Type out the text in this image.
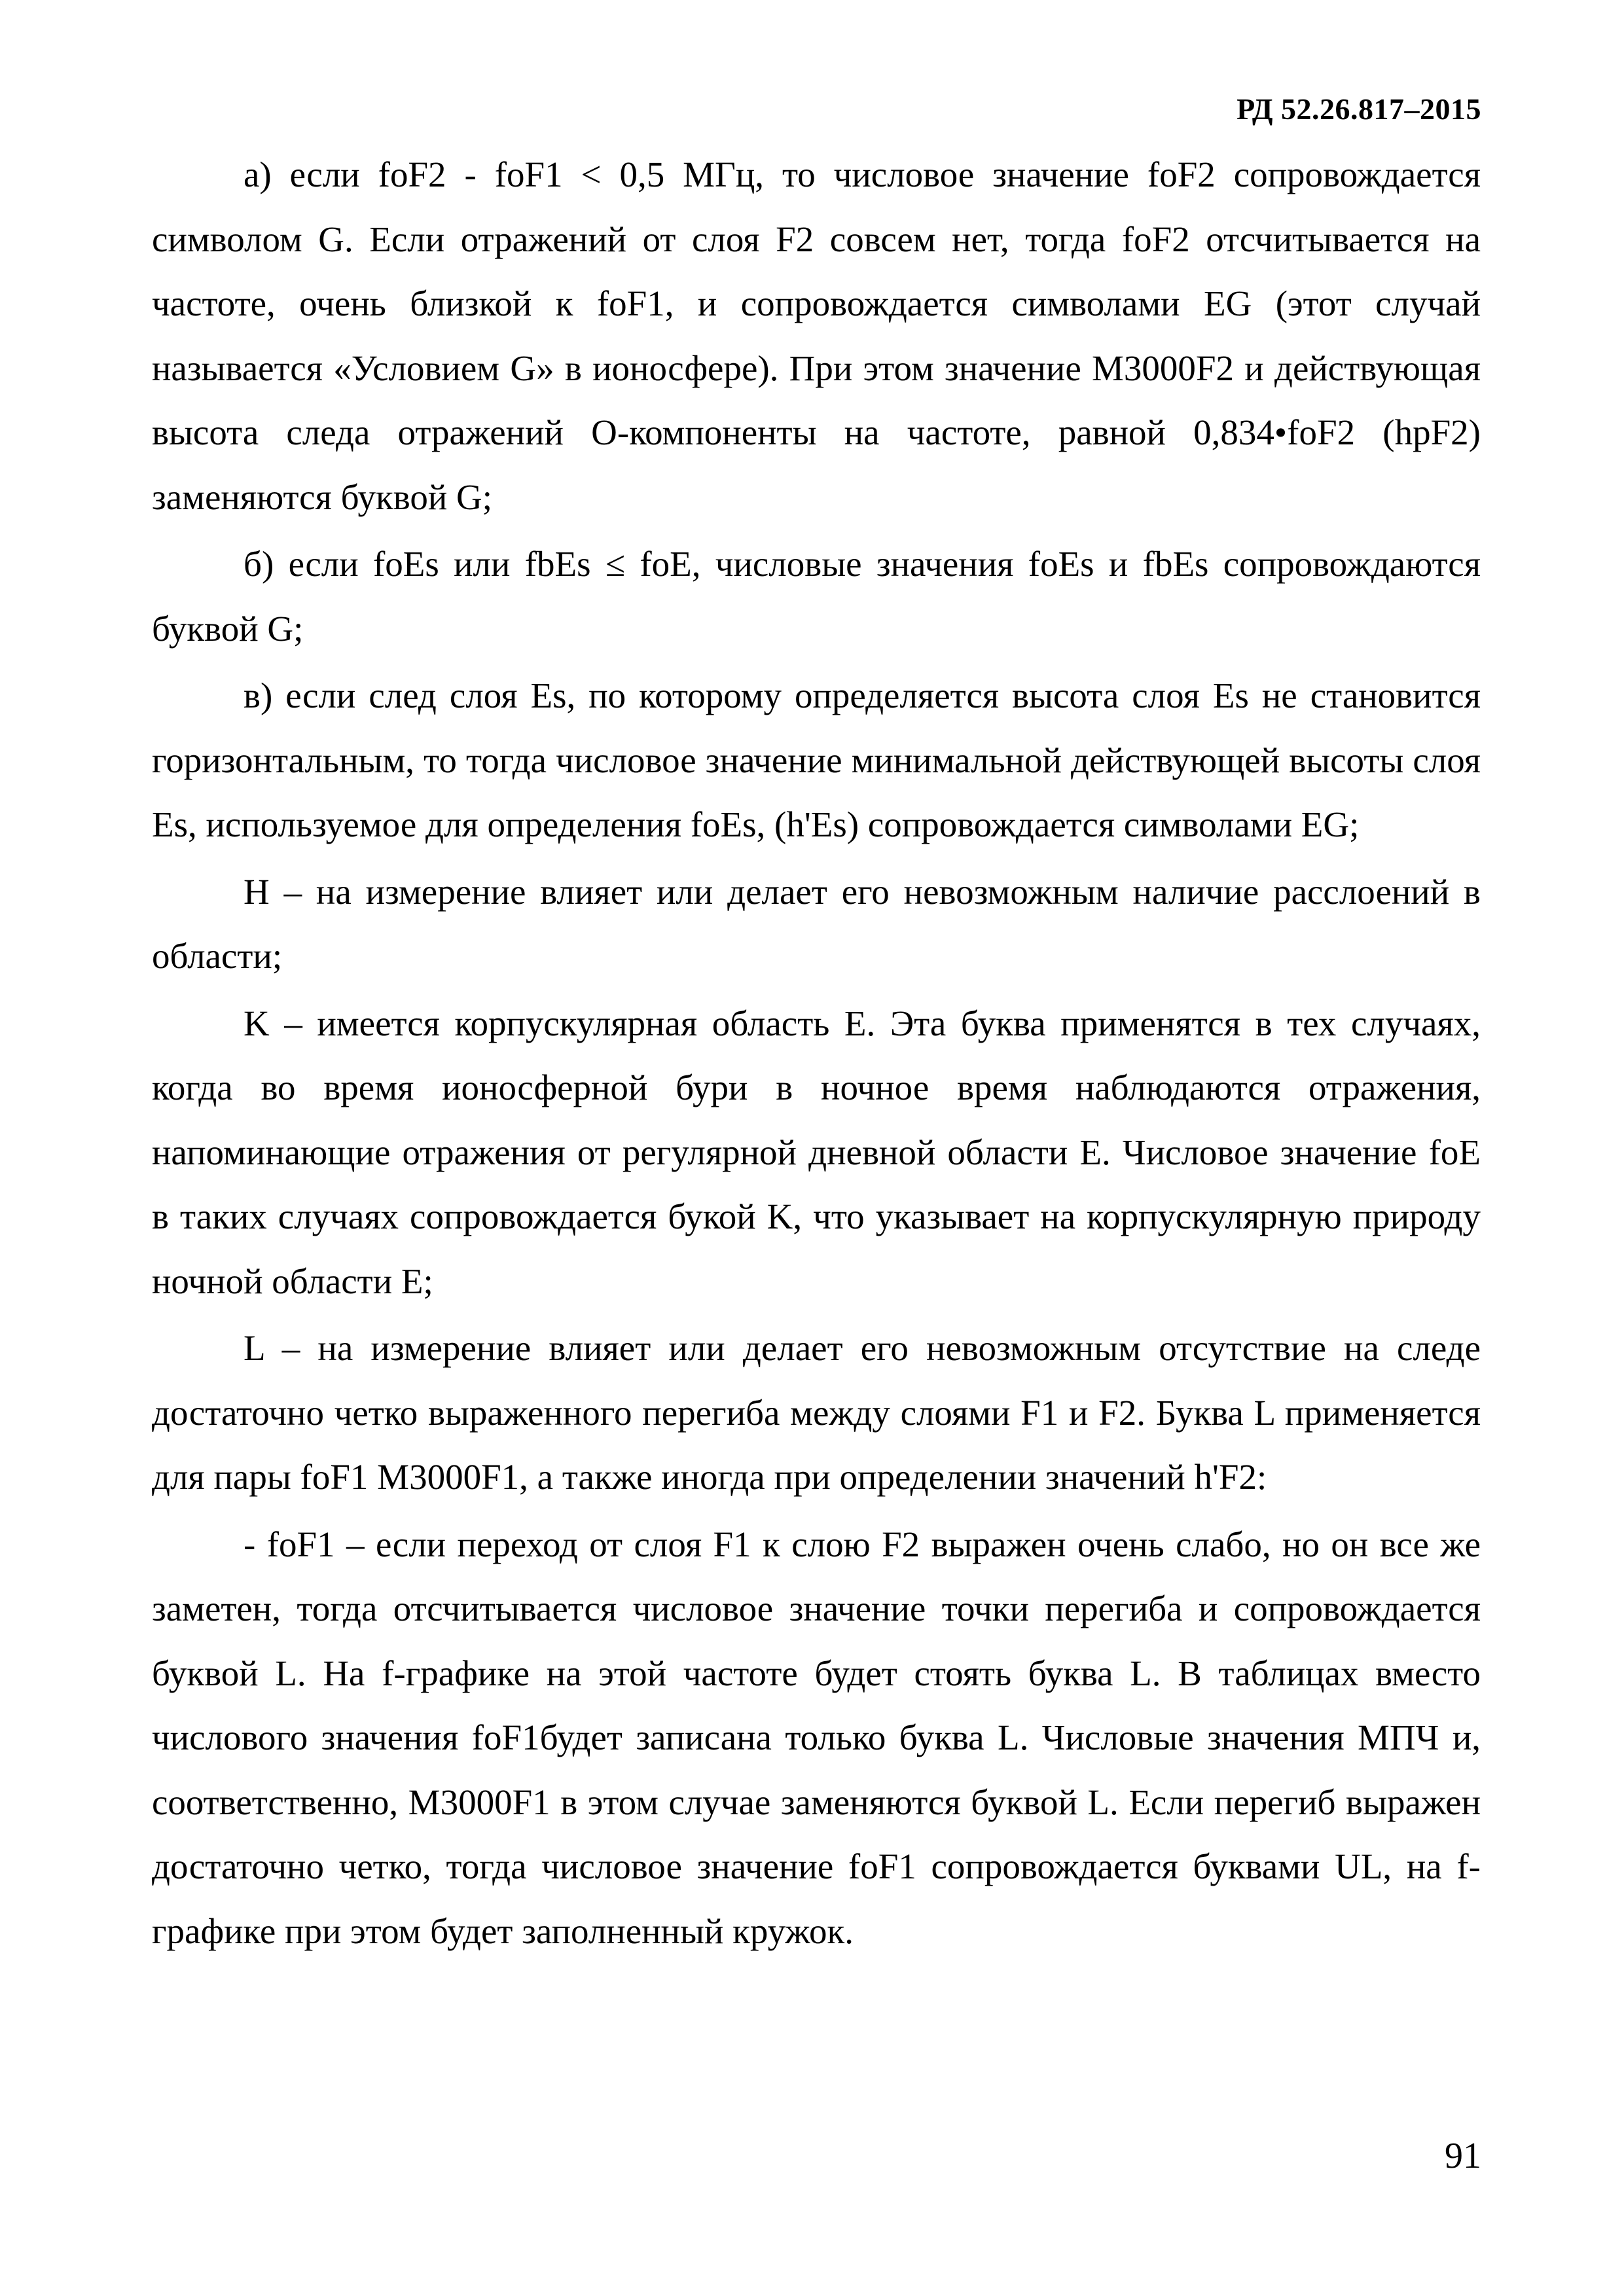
РД 52.26.817–2015

а) если foF2 - foF1 < 0,5 МГц, то числовое значение foF2 сопровождается символом G. Если отражений от слоя F2 совсем нет, тогда foF2 отсчитывается на частоте, очень близкой к foF1, и сопровождается символами EG (этот случай называется «Условием G» в ионосфере). При этом значение M3000F2 и действующая высота следа отражений О-компоненты на частоте, равной 0,834•foF2 (hpF2) заменяются буквой G;

б) если foEs или fbEs ≤ foE, числовые значения foEs и fbEs сопровождаются буквой G;

в) если след слоя Es, по которому определяется высота слоя Es не становится горизонтальным, то тогда числовое значение минимальной действующей высоты слоя Es, используемое для определения foEs, (h'Es) сопровождается символами EG;

H – на измерение влияет или делает его невозможным наличие расслоений в области;

K – имеется корпускулярная область E. Эта буква применятся в тех случаях, когда во время ионосферной бури в ночное время наблюдаются отражения, напоминающие отражения от регулярной дневной области E. Числовое значение foE в таких случаях сопровождается букой K, что указывает на корпускулярную природу ночной области E;

L – на измерение влияет или делает его невозможным отсутствие на следе достаточно четко выраженного перегиба между слоями F1 и F2. Буква L применяется для пары foF1 M3000F1, а также иногда при определении значений h'F2:

- foF1 – если переход от слоя F1 к слою F2 выражен очень слабо, но он все же заметен, тогда отсчитывается числовое значение точки перегиба и сопровождается буквой L. На f-графике на этой частоте будет стоять буква L. В таблицах вместо числового значения foF1будет записана только буква L. Числовые значения МПЧ и, соответственно, M3000F1 в этом случае заменяются буквой L. Если перегиб выражен достаточно четко, тогда числовое значение foF1 сопровождается буквами UL, на f-графике при этом будет заполненный кружок.

91
